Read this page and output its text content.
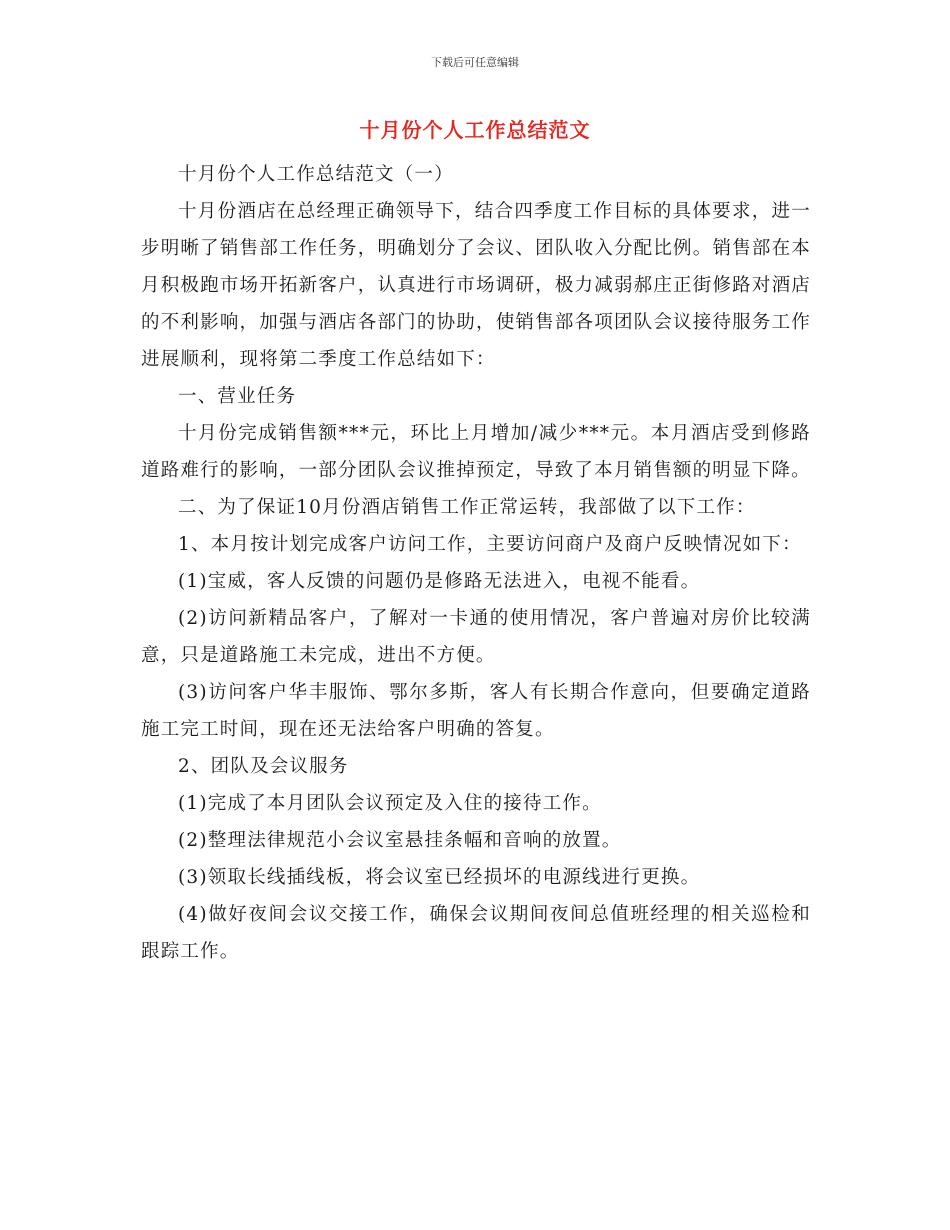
下载后可任意编辑
十月份个人工作总结范文

十月份个人工作总结范文（一）

十月份酒店在总经理正确领导下，结合四季度工作目标的具体要求，进一步明晰了销售部工作任务，明确划分了会议、团队收入分配比例。销售部在本月积极跑市场开拓新客户，认真进行市场调研，极力减弱郝庄正街修路对酒店的不利影响，加强与酒店各部门的协助，使销售部各项团队会议接待服务工作进展顺利，现将第二季度工作总结如下：

一、营业任务

十月份完成销售额***元，环比上月增加/减少***元。本月酒店受到修路道路难行的影响，一部分团队会议推掉预定，导致了本月销售额的明显下降。

二、为了保证10月份酒店销售工作正常运转，我部做了以下工作：

1、本月按计划完成客户访问工作，主要访问商户及商户反映情况如下：

(1)宝威，客人反馈的问题仍是修路无法进入，电视不能看。

(2)访问新精品客户，了解对一卡通的使用情况，客户普遍对房价比较满意，只是道路施工未完成，进出不方便。

(3)访问客户华丰服饰、鄂尔多斯，客人有长期合作意向，但要确定道路施工完工时间，现在还无法给客户明确的答复。

2、团队及会议服务

(1)完成了本月团队会议预定及入住的接待工作。

(2)整理法律规范小会议室悬挂条幅和音响的放置。

(3)领取长线插线板，将会议室已经损坏的电源线进行更换。

(4)做好夜间会议交接工作，确保会议期间夜间总值班经理的相关巡检和跟踪工作。
